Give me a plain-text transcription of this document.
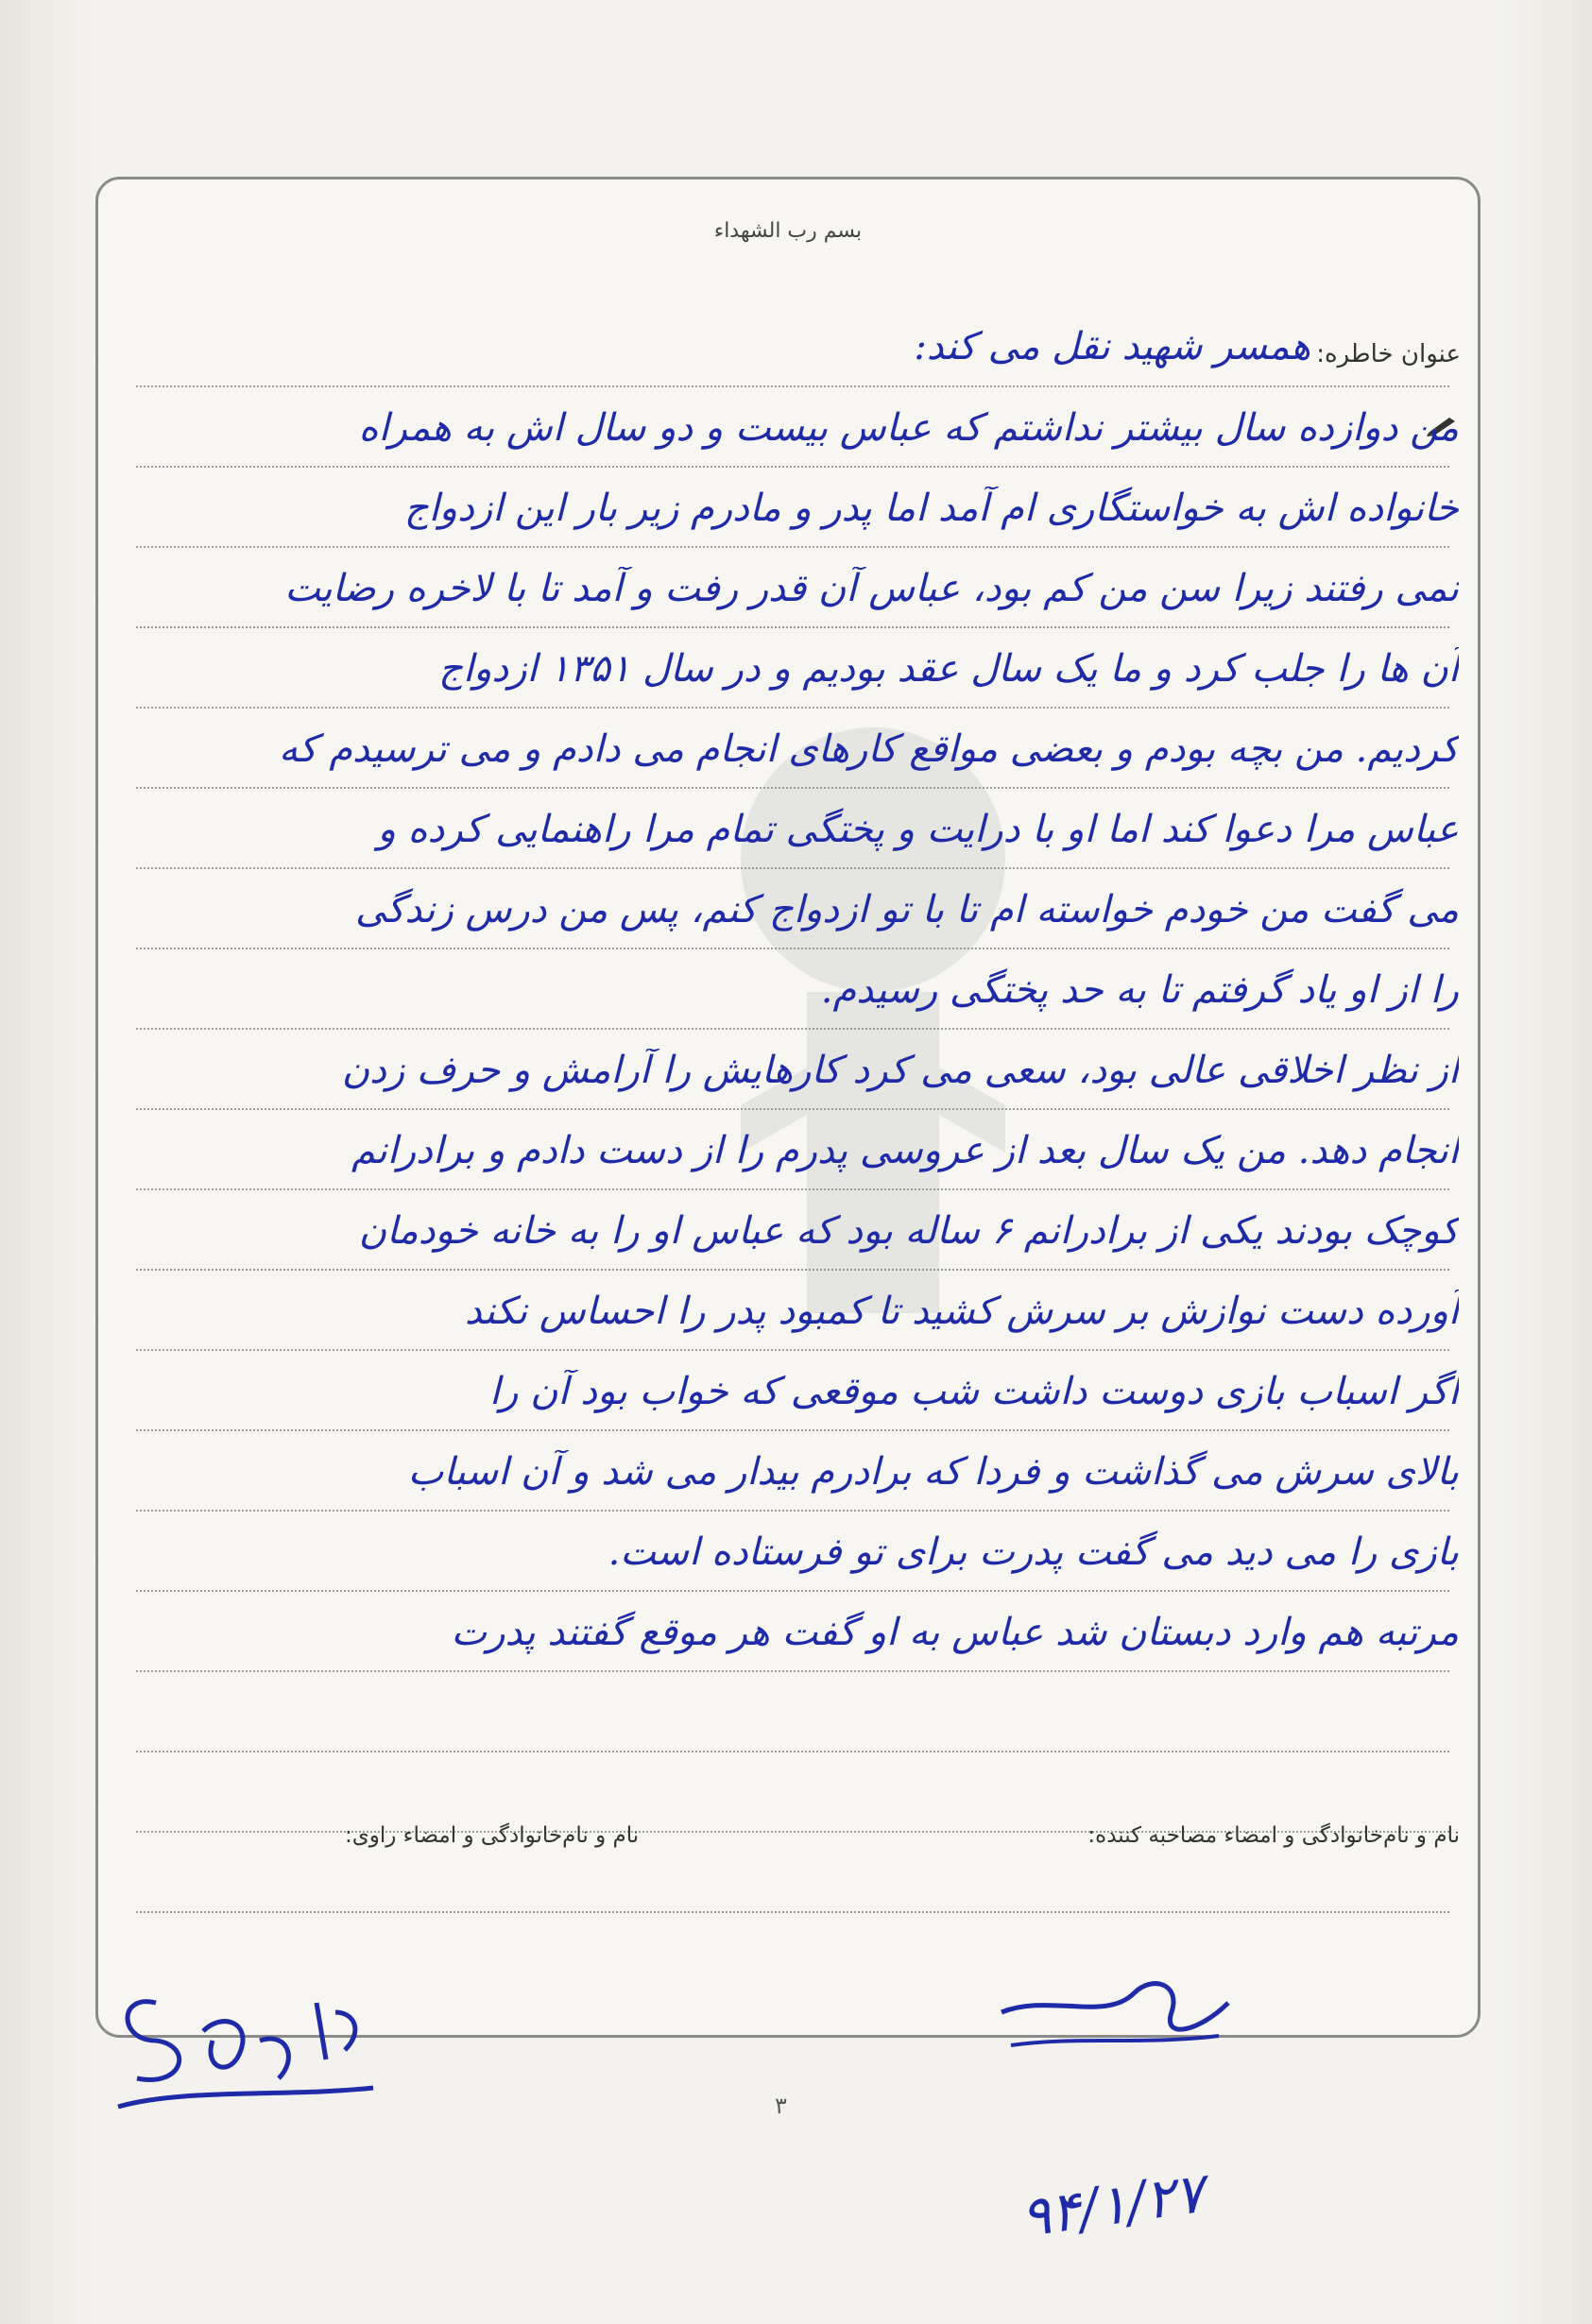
بسم رب الشهداء
عنوان خاطره:
همسر شهید نقل می کند:
من دوازده سال بیشتر نداشتم که عباس بیست و دو سال اش به همراه
خانواده اش به خواستگاری ام آمد اما پدر و مادرم زیر بار این ازدواج
نمی رفتند زیرا سن من کم بود، عباس آن قدر رفت و آمد تا با لاخره رضایت
آن ها را جلب کرد و ما یک سال عقد بودیم و در سال ۱۳۵۱ ازدواج
کردیم. من بچه بودم و بعضی مواقع کارهای انجام می دادم و می ترسیدم که
عباس مرا دعوا کند اما او با درایت و پختگی تمام مرا راهنمایی کرده و
می گفت من خودم خواسته ام تا با تو ازدواج کنم، پس من درس زندگی
را از او یاد گرفتم تا به حد پختگی رسیدم.
از نظر اخلاقی عالی بود، سعی می کرد کارهایش را آرامش و حرف زدن
انجام دهد. من یک سال بعد از عروسی پدرم را از دست دادم و برادرانم
کوچک بودند یکی از برادرانم ۶ ساله بود که عباس او را به خانه خودمان
آورده دست نوازش بر سرش کشید تا کمبود پدر را احساس نکند
اگر اسباب بازی دوست داشت شب موقعی که خواب بود آن را
بالای سرش می گذاشت و فردا که برادرم بیدار می شد و آن اسباب
بازی را می دید می گفت پدرت برای تو فرستاده است.
مرتبه هم وارد دبستان شد عباس به او گفت هر موقع گفتند پدرت
نام و نام‌خانوادگی و امضاء راوی:	نام و نام‌خانوادگی و امضاء مصاحبه کننده:
۳
۹۴/۱/۲۷
